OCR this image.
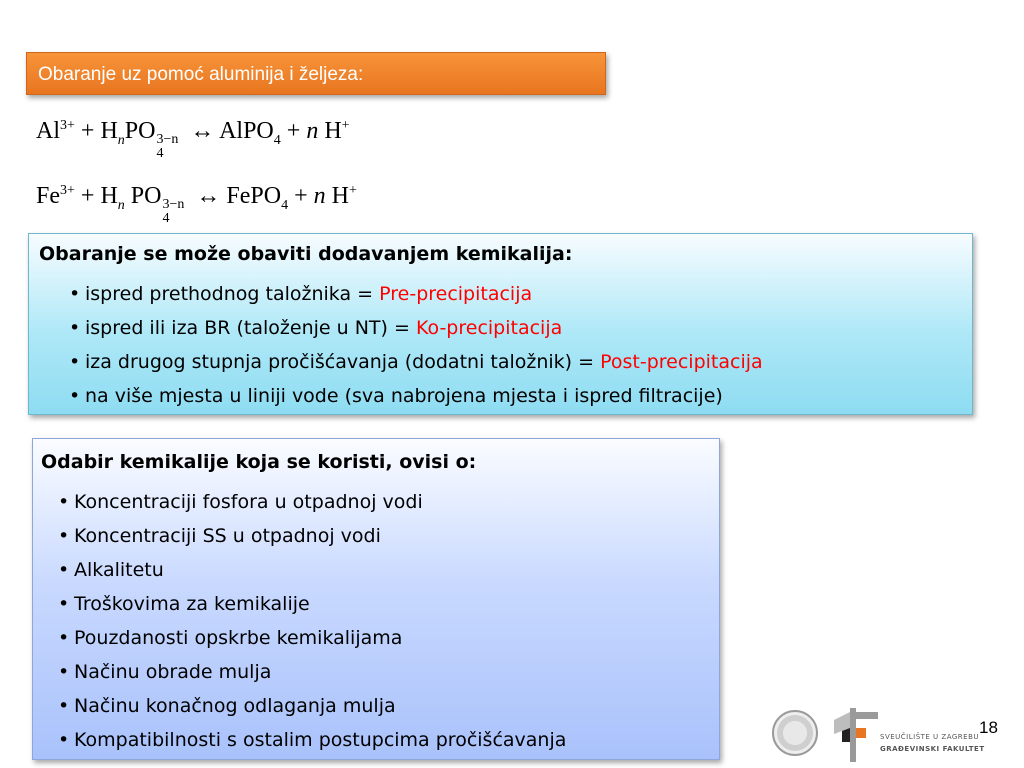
Obaranje uz pomoć aluminija i željeza:
$Al^{3+} + H_nPO$ 3−n
4
↔ AlPO$_4$ + n H+
$Fe^{3+} + H_n$ PO 3−n
4
↔ FePO$_4$ + n H+

Obaranje se može obaviti dodavanjem kemikalija:

• ispred prethodnog taložnika = Pre-precipitacija
• ispred ili iza BR (taloženje u NT) = Ko-precipitacija
• iza drugog stupnja pročišćavanja (dodatni taložnik) = Post-precipitacija
• na više mjesta u liniji vode (sva nabrojena mjesta i ispred filtracije)

Odabir kemikalije koja se koristi, ovisi o:

• Koncentraciji fosfora u otpadnoj vodi
• Koncentraciji SS u otpadnoj vodi
• Alkalitetu
• Troškovima za kemikalije
• Pouzdanosti opskrbe kemikalijama
• Načinu obrade mulja
• Načinu konačnog odlaganja mulja
• Kompatibilnosti s ostalim postupcima pročišćavanja	SVEUČILIŠTE U ZAGREBU
GRAĐEVINSKI FAKULTET
18
